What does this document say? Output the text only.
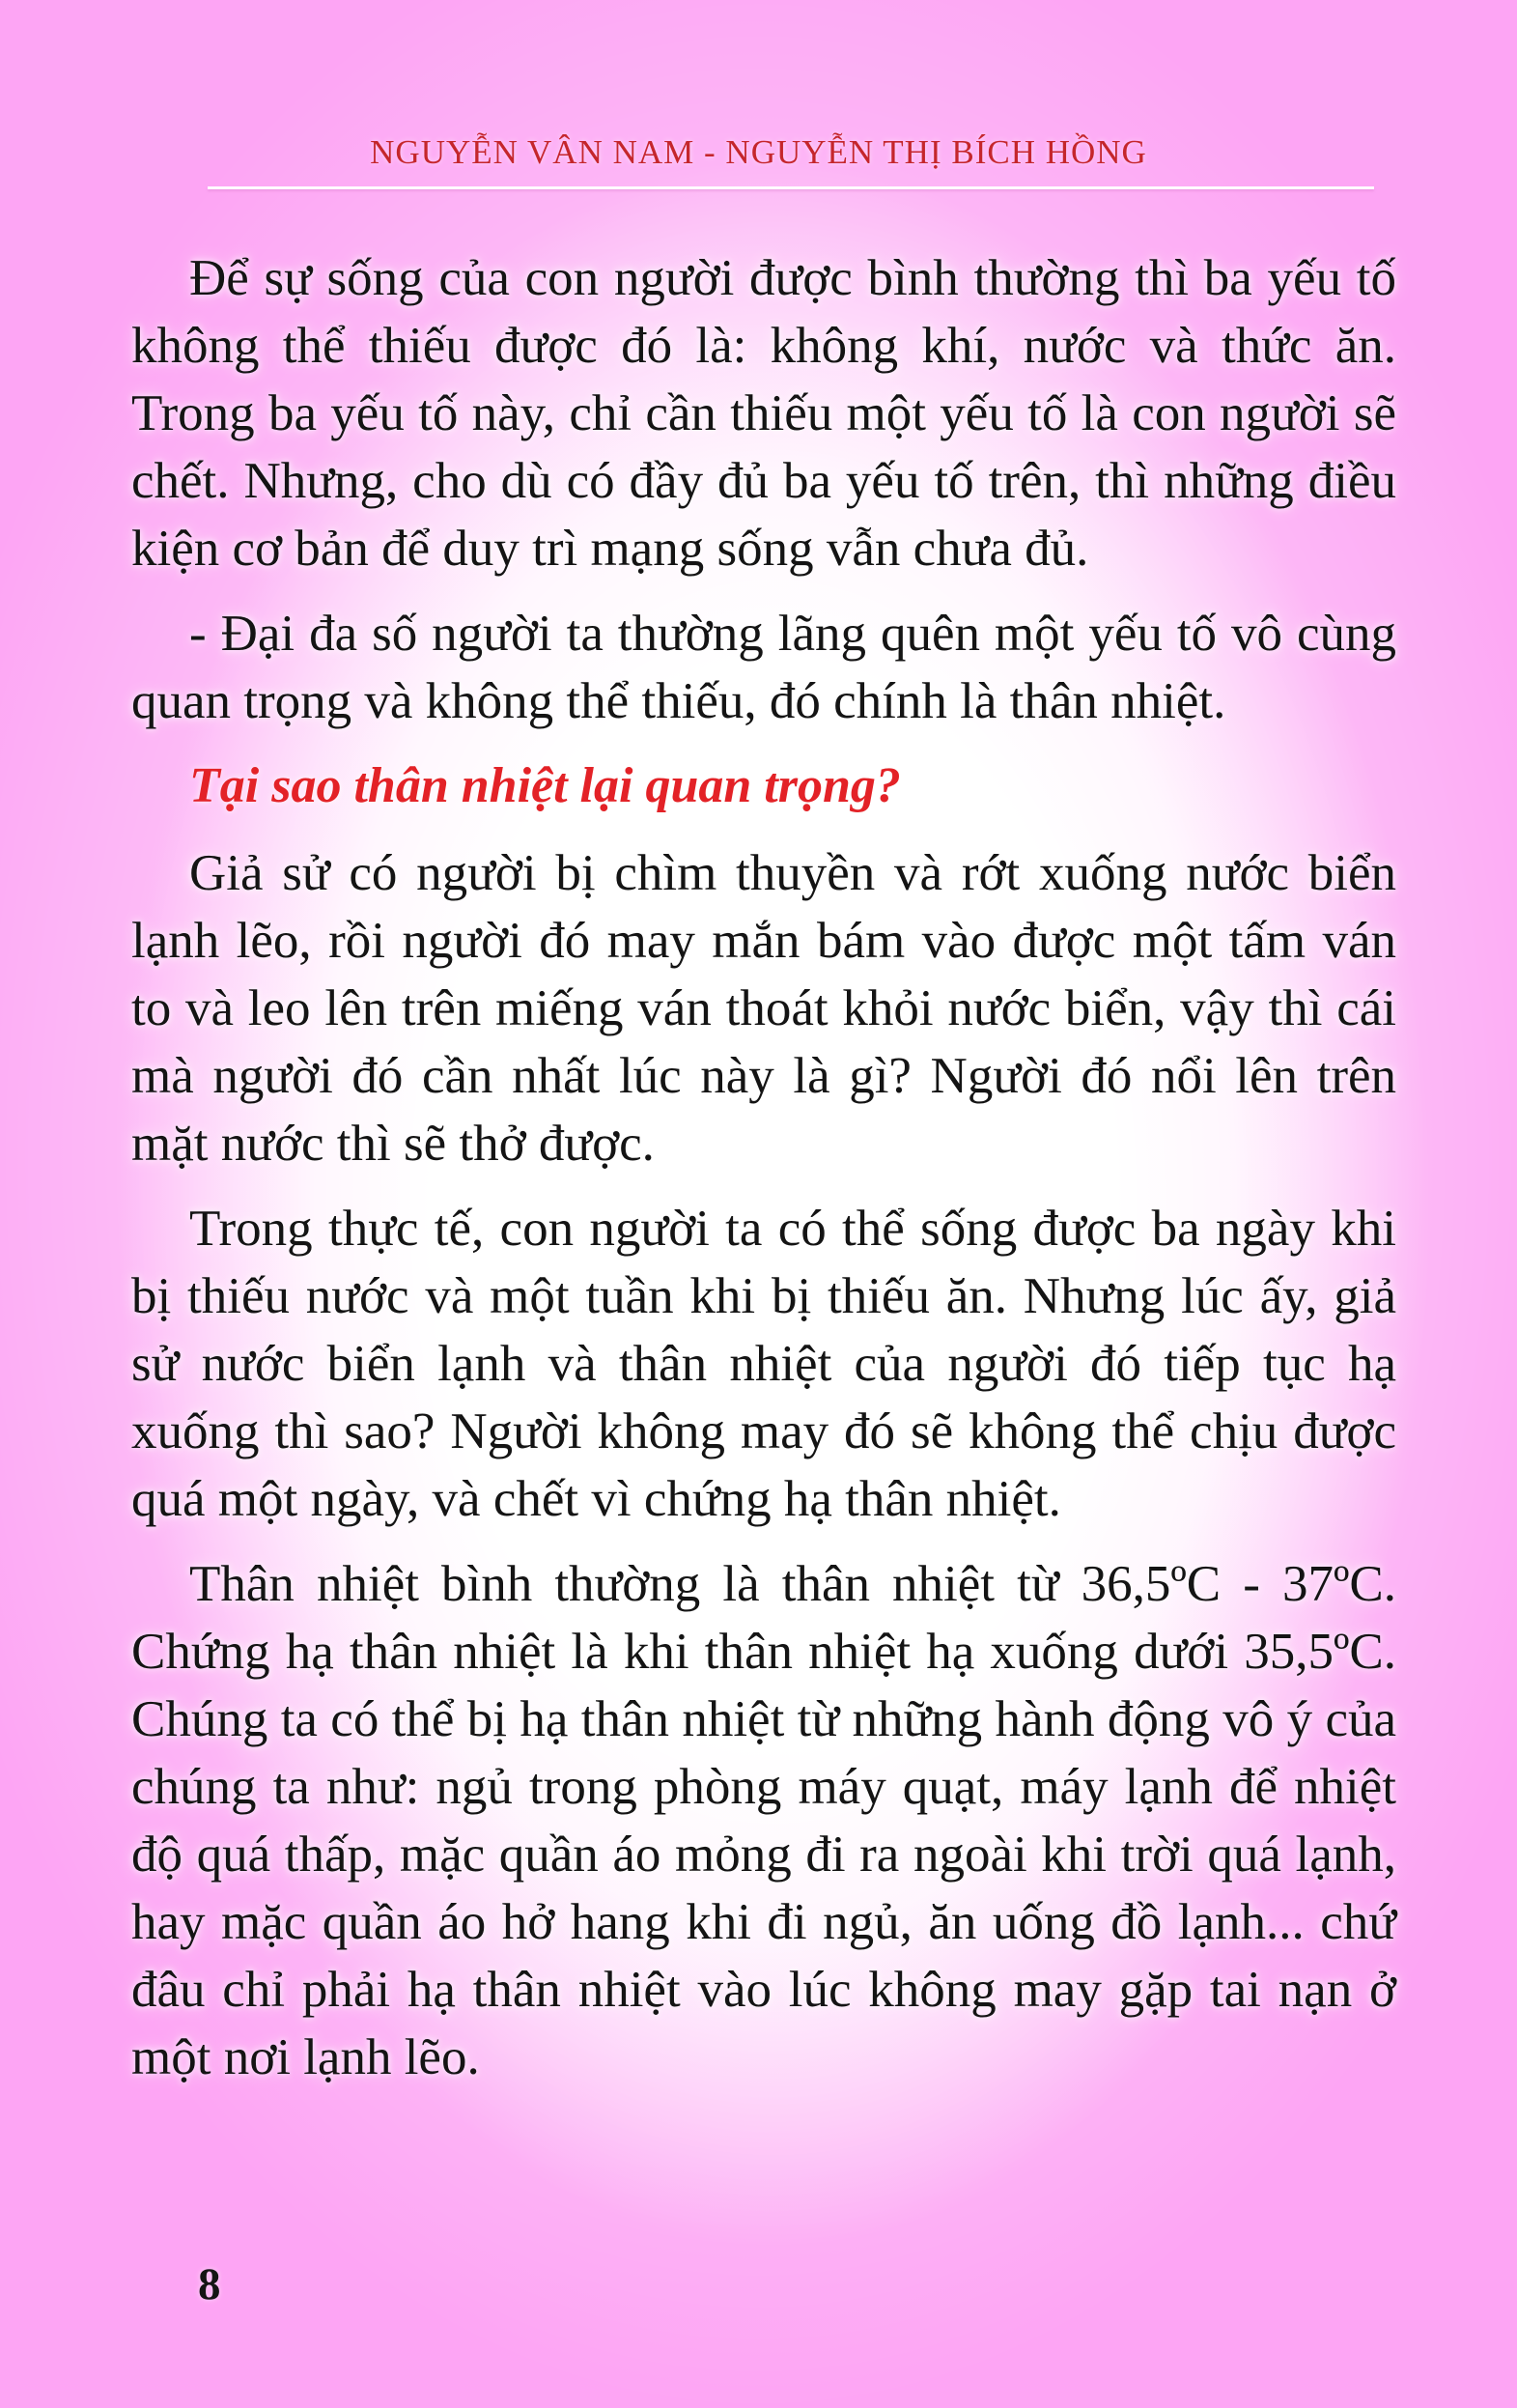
NGUYỄN VÂN NAM - NGUYỄN THỊ BÍCH HỒNG

Để sự sống của con người được bình thường thì ba yếu tố không thể thiếu được đó là: không khí, nước và thức ăn. Trong ba yếu tố này, chỉ cần thiếu một yếu tố là con người sẽ chết. Nhưng, cho dù có đầy đủ ba yếu tố trên, thì những điều kiện cơ bản để duy trì mạng sống vẫn chưa đủ.

- Đại đa số người ta thường lãng quên một yếu tố vô cùng quan trọng và không thể thiếu, đó chính là thân nhiệt.

Tại sao thân nhiệt lại quan trọng?

Giả sử có người bị chìm thuyền và rớt xuống nước biển lạnh lẽo, rồi người đó may mắn bám vào được một tấm ván to và leo lên trên miếng ván thoát khỏi nước biển, vậy thì cái mà người đó cần nhất lúc này là gì? Người đó nổi lên trên mặt nước thì sẽ thở được.

Trong thực tế, con người ta có thể sống được ba ngày khi bị thiếu nước và một tuần khi bị thiếu ăn. Nhưng lúc ấy, giả sử nước biển lạnh và thân nhiệt của người đó tiếp tục hạ xuống thì sao? Người không may đó sẽ không thể chịu được quá một ngày, và chết vì chứng hạ thân nhiệt.

Thân nhiệt bình thường là thân nhiệt từ 36,5ºC - 37ºC. Chứng hạ thân nhiệt là khi thân nhiệt hạ xuống dưới 35,5ºC. Chúng ta có thể bị hạ thân nhiệt từ những hành động vô ý của chúng ta như: ngủ trong phòng máy quạt, máy lạnh để nhiệt độ quá thấp, mặc quần áo mỏng đi ra ngoài khi trời quá lạnh, hay mặc quần áo hở hang khi đi ngủ, ăn uống đồ lạnh... chứ đâu chỉ phải hạ thân nhiệt vào lúc không may gặp tai nạn ở một nơi lạnh lẽo.

8
